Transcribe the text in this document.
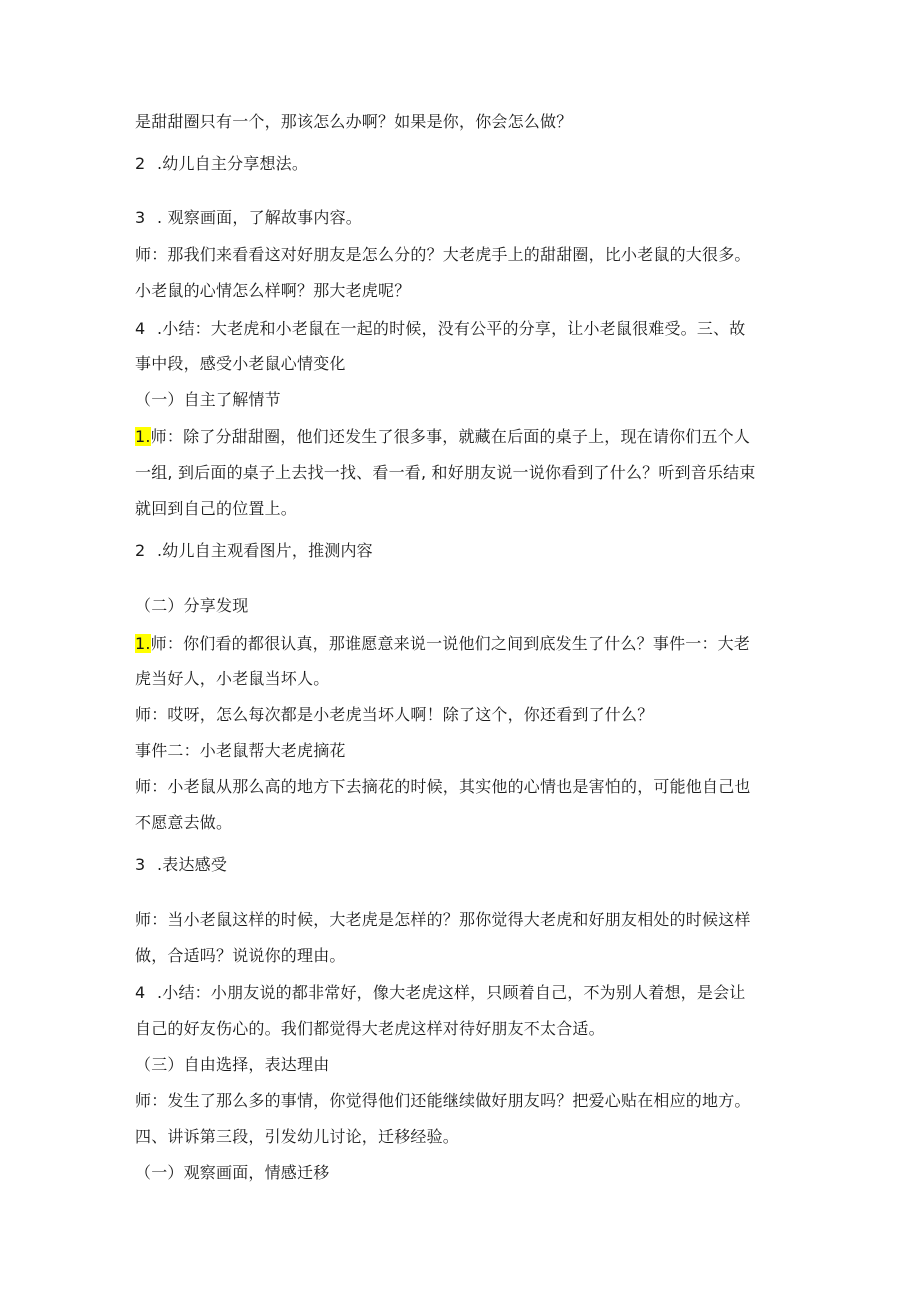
是甜甜圈只有一个，那该怎么办啊？如果是你，你会怎么做？
2 .幼儿自主分享想法。
3 . 观察画面，了解故事内容。
师：那我们来看看这对好朋友是怎么分的？大老虎手上的甜甜圈，比小老鼠的大很多。
小老鼠的心情怎么样啊？那大老虎呢？
4 .小结：大老虎和小老鼠在一起的时候，没有公平的分享，让小老鼠很难受。三、故
事中段，感受小老鼠心情变化
（一）自主了解情节
1.师：除了分甜甜圈，他们还发生了很多事，就藏在后面的桌子上，现在请你们五个人
一组, 到后面的桌子上去找一找、看一看, 和好朋友说一说你看到了什么？听到音乐结束
就回到自己的位置上。
2 .幼儿自主观看图片，推测内容
（二）分享发现
1.师：你们看的都很认真，那谁愿意来说一说他们之间到底发生了什么？事件一：大老
虎当好人，小老鼠当坏人。
师：哎呀，怎么每次都是小老虎当坏人啊！除了这个，你还看到了什么？
事件二：小老鼠帮大老虎摘花
师：小老鼠从那么高的地方下去摘花的时候，其实他的心情也是害怕的，可能他自己也
不愿意去做。
3 .表达感受
师：当小老鼠这样的时候，大老虎是怎样的？那你觉得大老虎和好朋友相处的时候这样
做，合适吗？说说你的理由。
4 .小结：小朋友说的都非常好，像大老虎这样，只顾着自己，不为别人着想，是会让
自己的好友伤心的。我们都觉得大老虎这样对待好朋友不太合适。
（三）自由选择，表达理由
师：发生了那么多的事情，你觉得他们还能继续做好朋友吗？把爱心贴在相应的地方。
四、讲诉第三段，引发幼儿讨论，迁移经验。
（一）观察画面，情感迁移
